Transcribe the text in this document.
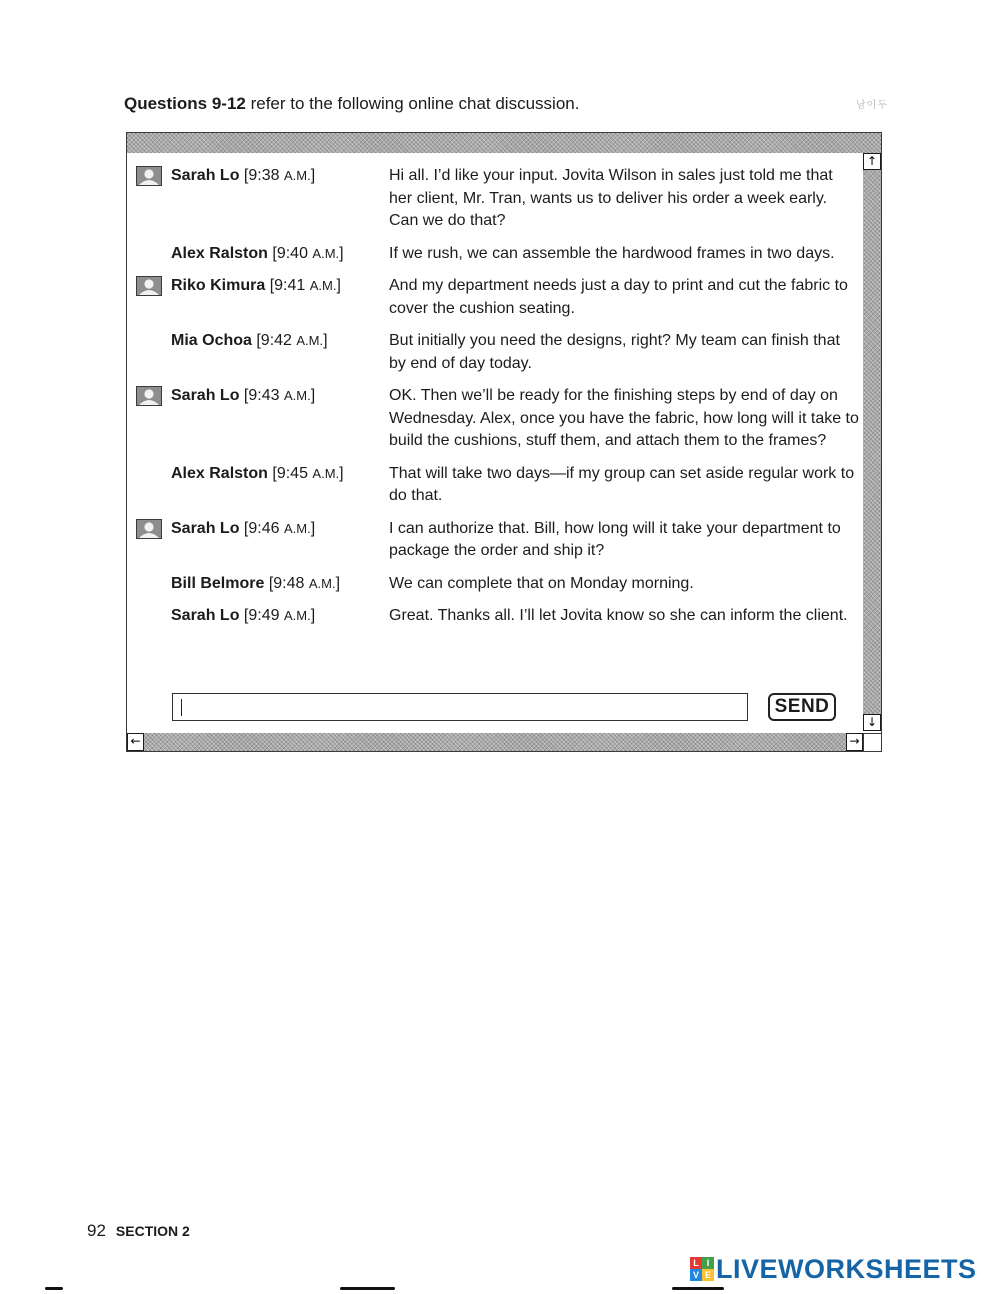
Questions 9-12 refer to the following online chat discussion.	남이두
Sarah Lo [9:38 A.M.]	Hi all. I’d like your input. Jovita Wilson in sales just told me that her client, Mr. Tran, wants us to deliver his order a week early. Can we do that?
Alex Ralston [9:40 A.M.]	If we rush, we can assemble the hardwood frames in two days.
Riko Kimura [9:41 A.M.]	And my department needs just a day to print and cut the fabric to cover the cushion seating.
Mia Ochoa [9:42 A.M.]	But initially you need the designs, right? My team can finish that by end of day today.
Sarah Lo [9:43 A.M.]	OK. Then we’ll be ready for the finishing steps by end of day on Wednesday. Alex, once you have the fabric, how long will it take to build the cushions, stuff them, and attach them to the frames?
Alex Ralston [9:45 A.M.]	That will take two days—if my group can set aside regular work to do that.
Sarah Lo [9:46 A.M.]	I can authorize that. Bill, how long will it take your department to package the order and ship it?
Bill Belmore [9:48 A.M.]	We can complete that on Monday morning.
Sarah Lo [9:49 A.M.]	Great. Thanks all. I’ll let Jovita know so she can inform the client.
SEND
↑
↓
←	→
92 SECTION 2
L I
V E LIVEWORKSHEETS
